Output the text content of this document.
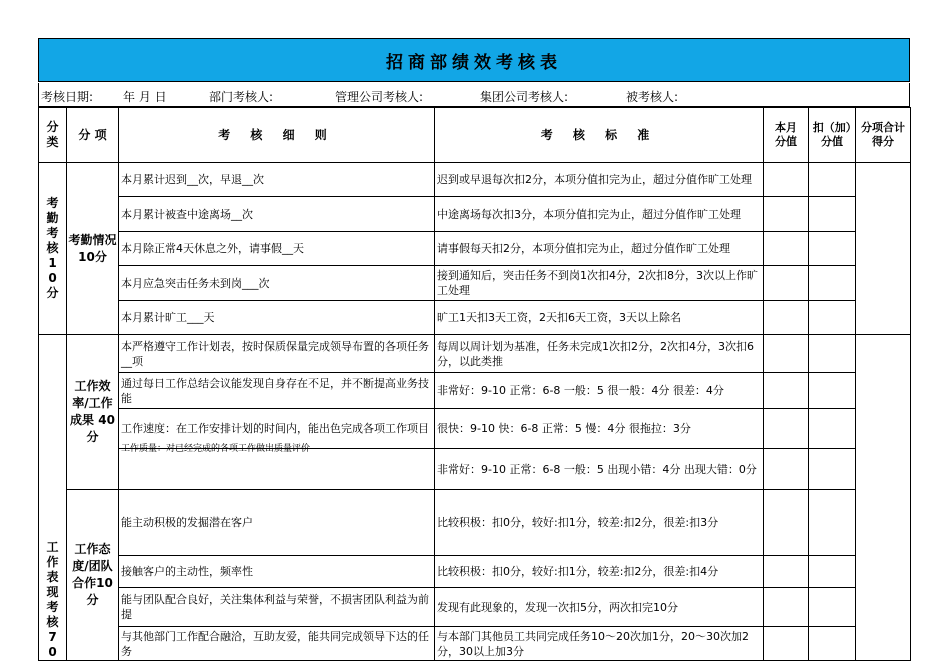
招商部绩效考核表
考核日期: 年 月 日	部门考核人:	管理公司考核人:	集团公司考核人:	被考核人:
分类	分 项	考 核 细 则	考 核 标 准	本月分值	扣（加）分值	分项合计得分
考勤考核10分	考勤情况10分	本月累计迟到__次，早退__次	迟到或早退每次扣2分，本项分值扣完为止，超过分值作旷工处理			
		本月累计被查中途离场__次	中途离场每次扣3分，本项分值扣完为止，超过分值作旷工处理			
		本月除正常4天休息之外，请事假__天	请事假每天扣2分，本项分值扣完为止，超过分值作旷工处理			
		本月应急突击任务未到岗___次	接到通知后，突击任务不到岗1次扣4分，2次扣8分，3次以上作旷工处理			
		本月累计旷工___天	旷工1天扣3天工资，2天扣6天工资，3天以上除名			
工作表现考核70	工作效率/工作成果 40分	本严格遵守工作计划表，按时保质保量完成领导布置的各项任务__项	每周以周计划为基准，任务未完成1次扣2分，2次扣4分，3次扣6分，以此类推			
		通过每日工作总结会议能发现自身存在不足，并不断提高业务技能	非常好：9-10 正常：6-8 一般：5 很一般：4分 很差：4分			
		工作速度：在工作安排计划的时间内，能出色完成各项工作项目	很快：9-10 快：6-8 正常：5 慢：4分 很拖拉：3分			

		工作质量：对已经完成的各项工作做出质量评价	非常好：9-10 正常：6-8 一般：5 出现小错：4分 出现大错：0分			
	工作态度/团队合作10分	能主动积极的发掘潜在客户	比较积极：扣0分，较好:扣1分，较差:扣2分，很差:扣3分			
		接触客户的主动性，频率性	比较积极：扣0分，较好:扣1分，较差:扣2分，很差:扣4分			
		能与团队配合良好，关注集体利益与荣誉，不损害团队利益为前提	发现有此现象的，发现一次扣5分，两次扣完10分			
		与其他部门工作配合融洽，互助友爱，能共同完成领导下达的任务	与本部门其他员工共同完成任务10～20次加1分，20～30次加2分，30以上加3分			
